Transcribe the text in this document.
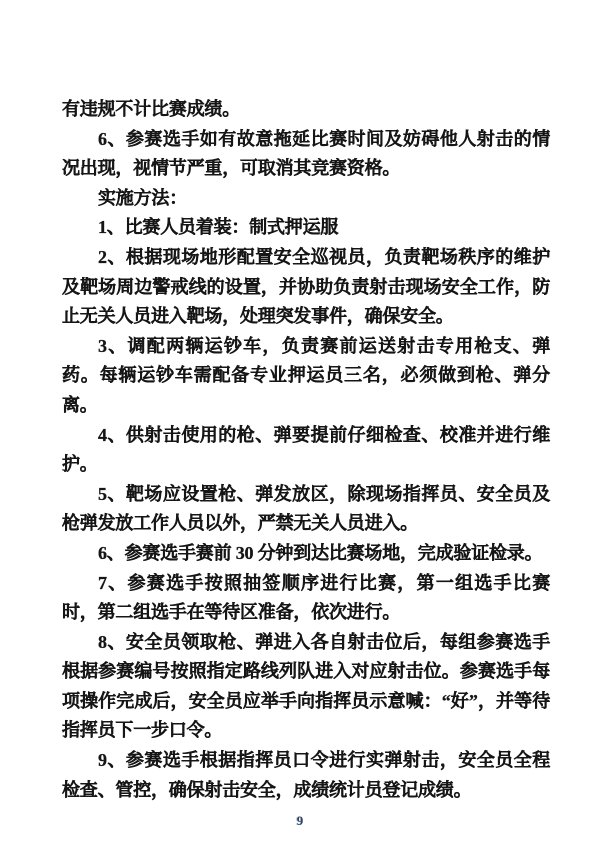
有违规不计比赛成绩。

6、参赛选手如有故意拖延比赛时间及妨碍他人射击的情况出现，视情节严重，可取消其竞赛资格。

实施方法：

1、比赛人员着装：制式押运服

2、根据现场地形配置安全巡视员，负责靶场秩序的维护及靶场周边警戒线的设置，并协助负责射击现场安全工作，防止无关人员进入靶场，处理突发事件，确保安全。

3、调配两辆运钞车，负责赛前运送射击专用枪支、弹药。每辆运钞车需配备专业押运员三名，必须做到枪、弹分离。

4、供射击使用的枪、弹要提前仔细检查、校准并进行维护。

5、靶场应设置枪、弹发放区，除现场指挥员、安全员及枪弹发放工作人员以外，严禁无关人员进入。

6、参赛选手赛前 30 分钟到达比赛场地，完成验证检录。

7、参赛选手按照抽签顺序进行比赛，第一组选手比赛时，第二组选手在等待区准备，依次进行。

8、安全员领取枪、弹进入各自射击位后，每组参赛选手根据参赛编号按照指定路线列队进入对应射击位。参赛选手每项操作完成后，安全员应举手向指挥员示意喊：“好”，并等待指挥员下一步口令。

9、参赛选手根据指挥员口令进行实弹射击，安全员全程检查、管控，确保射击安全，成绩统计员登记成绩。

9
